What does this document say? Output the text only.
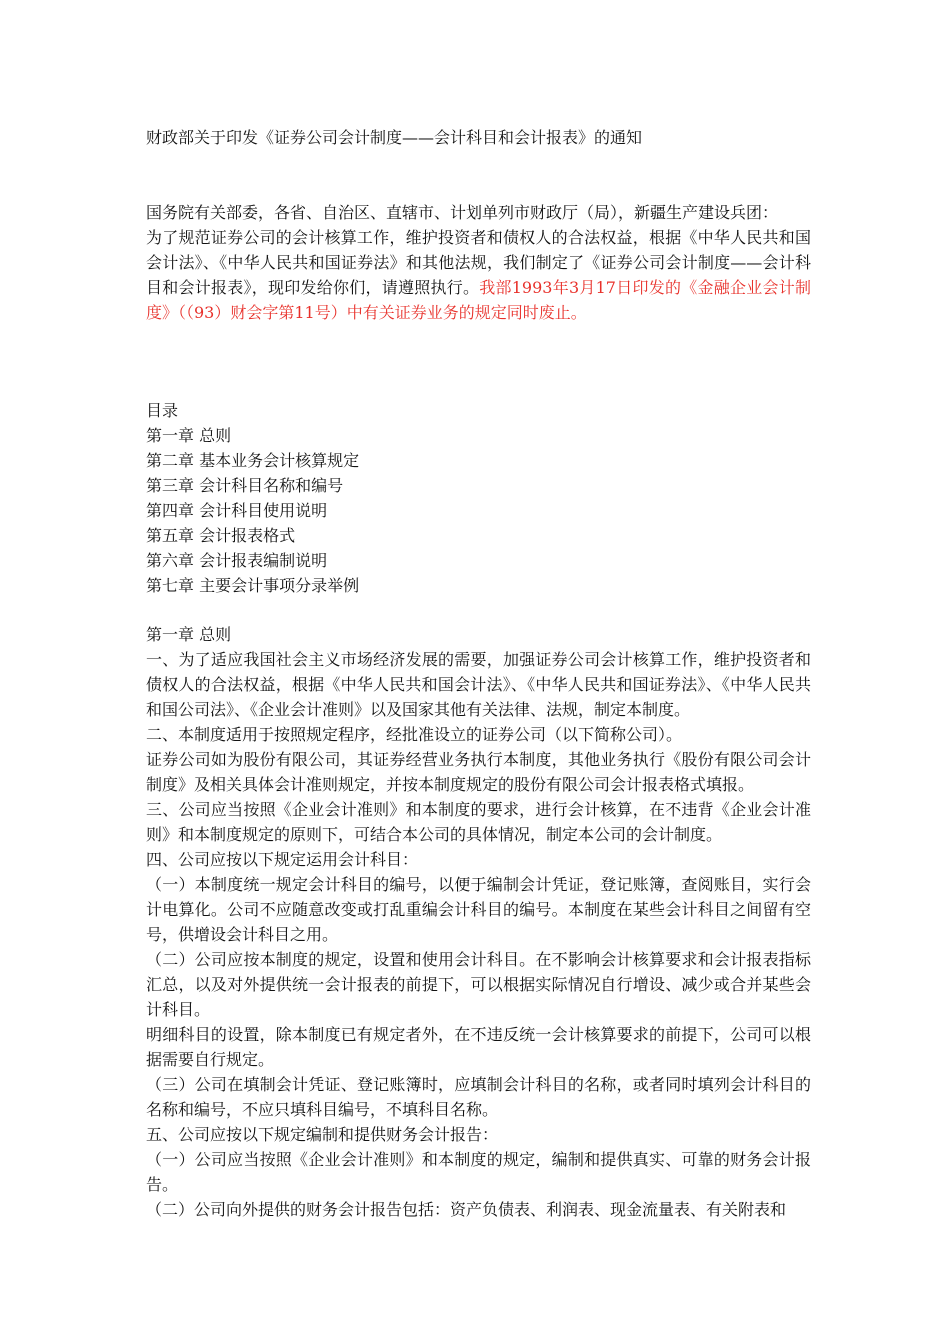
财政部关于印发《证券公司会计制度——会计科目和会计报表》的通知

国务院有关部委，各省、自治区、直辖市、计划单列市财政厅（局），新疆生产建设兵团：

为了规范证券公司的会计核算工作，维护投资者和债权人的合法权益，根据《中华人民共和国会计法》、《中华人民共和国证券法》和其他法规，我们制定了《证券公司会计制度——会计科目和会计报表》，现印发给你们，请遵照执行。我部1993年3月17日印发的《金融企业会计制度》（（93）财会字第11号）中有关证券业务的规定同时废止。

目录
第一章 总则
第二章 基本业务会计核算规定
第三章 会计科目名称和编号
第四章 会计科目使用说明
第五章 会计报表格式
第六章 会计报表编制说明
第七章 主要会计事项分录举例

第一章 总则

一、为了适应我国社会主义市场经济发展的需要，加强证券公司会计核算工作，维护投资者和债权人的合法权益，根据《中华人民共和国会计法》、《中华人民共和国证券法》、《中华人民共和国公司法》、《企业会计准则》以及国家其他有关法律、法规，制定本制度。

二、本制度适用于按照规定程序，经批准设立的证券公司（以下简称公司）。

证券公司如为股份有限公司，其证券经营业务执行本制度，其他业务执行《股份有限公司会计制度》及相关具体会计准则规定，并按本制度规定的股份有限公司会计报表格式填报。

三、公司应当按照《企业会计准则》和本制度的要求，进行会计核算，在不违背《企业会计准则》和本制度规定的原则下，可结合本公司的具体情况，制定本公司的会计制度。

四、公司应按以下规定运用会计科目：

（一）本制度统一规定会计科目的编号，以便于编制会计凭证，登记账簿，查阅账目，实行会计电算化。公司不应随意改变或打乱重编会计科目的编号。本制度在某些会计科目之间留有空号，供增设会计科目之用。

（二）公司应按本制度的规定，设置和使用会计科目。在不影响会计核算要求和会计报表指标汇总，以及对外提供统一会计报表的前提下，可以根据实际情况自行增设、减少或合并某些会计科目。

明细科目的设置，除本制度已有规定者外，在不违反统一会计核算要求的前提下，公司可以根据需要自行规定。

（三）公司在填制会计凭证、登记账簿时，应填制会计科目的名称，或者同时填列会计科目的名称和编号，不应只填科目编号，不填科目名称。

五、公司应按以下规定编制和提供财务会计报告：

（一）公司应当按照《企业会计准则》和本制度的规定，编制和提供真实、可靠的财务会计报告。

（二）公司向外提供的财务会计报告包括：资产负债表、利润表、现金流量表、有关附表和
